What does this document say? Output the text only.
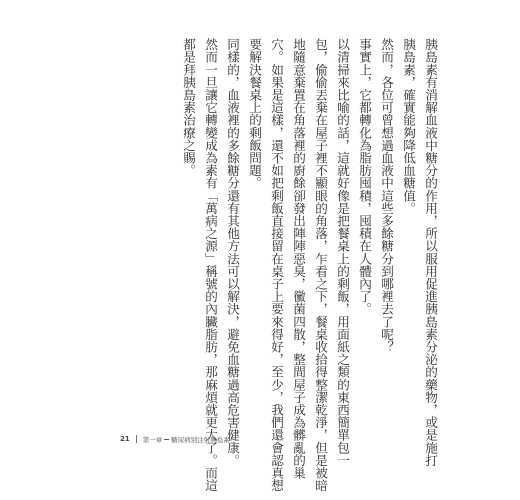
胰島素有消解血液中糖分的作用，所以服用促進胰島素分泌的藥物，或是施打
胰島素，確實能夠降低血糖值。
然而，各位可曾想過血液中這些多餘糖分到哪裡去了呢？
事實上，它都轉化為脂肪囤積，囤積在人體內了。
以清掃來比喻的話，這就好像是把餐桌上的剩飯，用面紙之類的東西簡單包一
包，偷偷丟棄在屋子裡不顯眼的角落，乍看之下，餐桌收拾得整潔乾淨，但是被暗
地隨意棄置在角落裡的廚餘卻發出陣陣惡臭，黴菌四散，整間屋子成為髒亂的巢
穴。如果是這樣，還不如把剩飯直接留在桌子上要來得好，至少，我們還會認真想
要解決餐桌上的剩飯問題。
同樣的，血液裡的多餘糖分還有其他方法可以解決，避免血糖過高危害健康。
然而一旦讓它轉變成為素有「萬病之源」稱號的內臟脂肪，那麻煩就更大了。而這
都是拜胰島素治療之賜。
21 第一章 糖尿病別注射胰島素！
